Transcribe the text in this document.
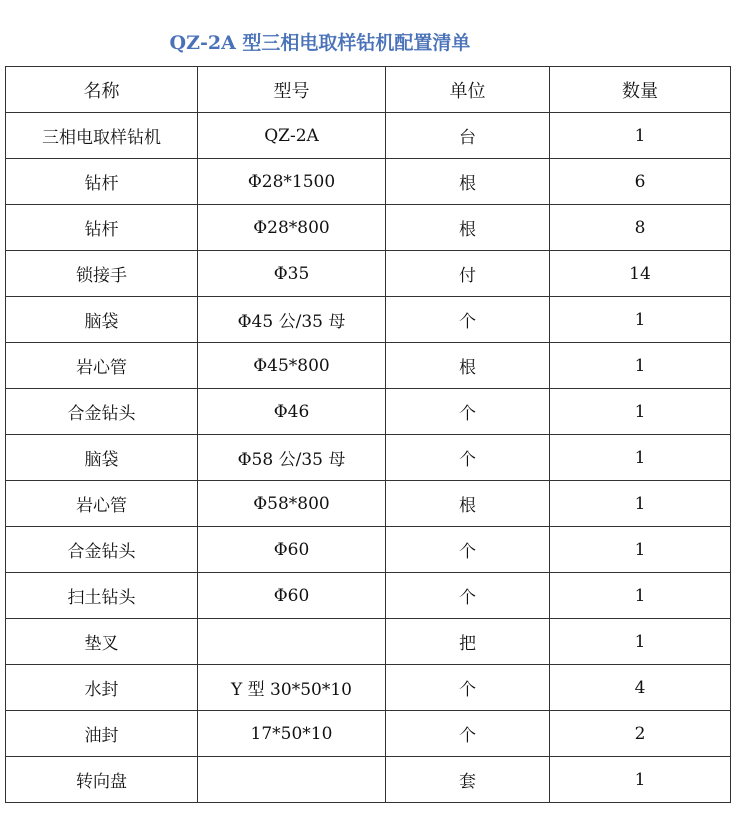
QZ-2A 型三相电取样钻机配置清单
名称	型号	单位	数量
三相电取样钻机	QZ-2A	台	1
钻杆	Φ28*1500	根	6
钻杆	Φ28*800	根	8
锁接手	Φ35	付	14
脑袋	Φ45 公/35 母	个	1
岩心管	Φ45*800	根	1
合金钻头	Φ46	个	1
脑袋	Φ58 公/35 母	个	1
岩心管	Φ58*800	根	1
合金钻头	Φ60	个	1
扫土钻头	Φ60	个	1
垫叉		把	1
水封	Y 型 30*50*10	个	4
油封	17*50*10	个	2
转向盘		套	1
